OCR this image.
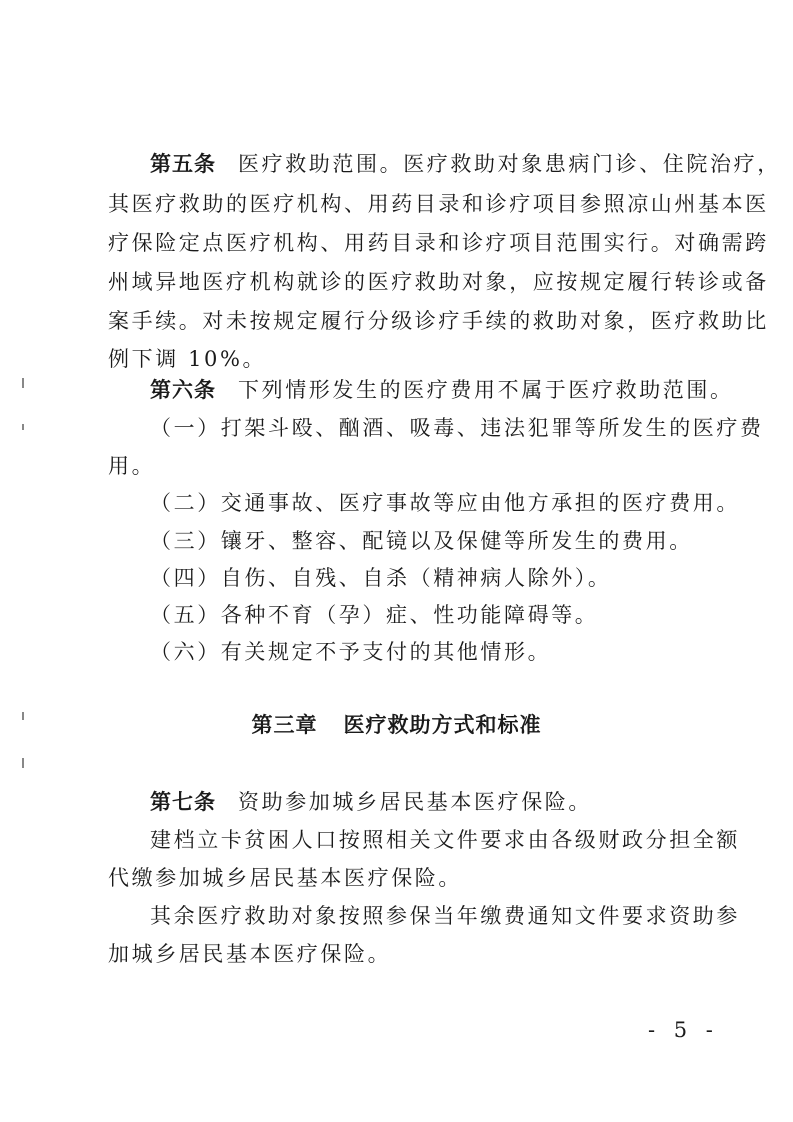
第五条 医疗救助范围。医疗救助对象患病门诊、住院治疗，
其医疗救助的医疗机构、用药目录和诊疗项目参照凉山州基本医
疗保险定点医疗机构、用药目录和诊疗项目范围实行。对确需跨
州域异地医疗机构就诊的医疗救助对象，应按规定履行转诊或备
案手续。对未按规定履行分级诊疗手续的救助对象，医疗救助比
例下调 10%。
第六条 下列情形发生的医疗费用不属于医疗救助范围。
（一）打架斗殴、酗酒、吸毒、违法犯罪等所发生的医疗费
用。
（二）交通事故、医疗事故等应由他方承担的医疗费用。
（三）镶牙、整容、配镜以及保健等所发生的费用。
（四）自伤、自残、自杀（精神病人除外）。
（五）各种不育（孕）症、性功能障碍等。
（六）有关规定不予支付的其他情形。
第三章 医疗救助方式和标准
第七条 资助参加城乡居民基本医疗保险。
建档立卡贫困人口按照相关文件要求由各级财政分担全额
代缴参加城乡居民基本医疗保险。
其余医疗救助对象按照参保当年缴费通知文件要求资助参
加城乡居民基本医疗保险。
- 5 -
